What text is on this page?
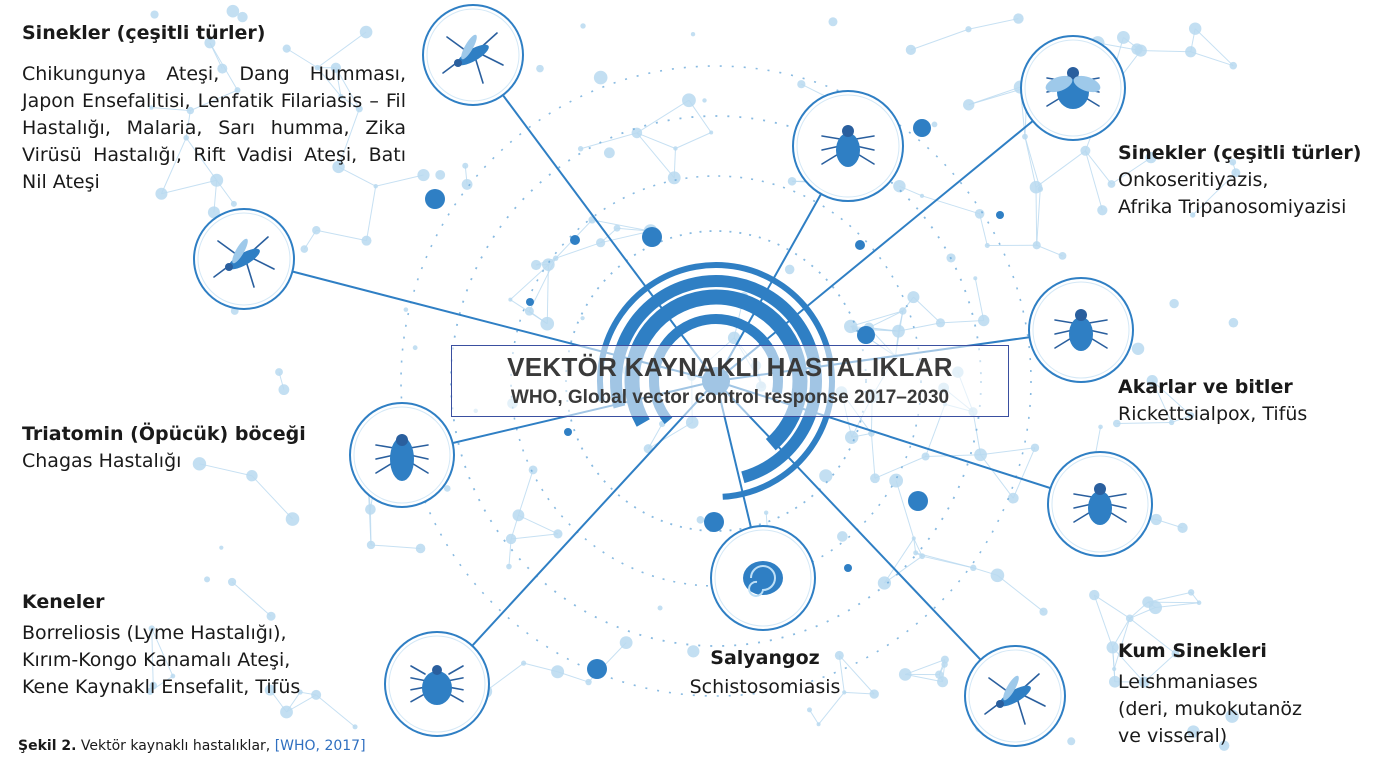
VEKTÖR KAYNAKLI HASTALIKLAR
WHO, Global vector control response 2017–2030
Sinekler (çeşitli türler)
Chikungunya Ateşi, Dang Humması, Japon Ensefalitisi, Lenfatik Filariasis – Fil Hastalığı, Malaria, Sarı humma, Zika Virüsü Hastalığı, Rift Vadisi Ateşi, Batı Nil Ateşi
Sinekler (çeşitli türler)
Onkoseritiyazis,
Afrika Tripanosomiyazisi
Akarlar ve bitler
Rickettsialpox, Tifüs
Triatomin (Öpücük) böceği
Chagas Hastalığı
Keneler
Borreliosis (Lyme Hastalığı),
Kırım-Kongo Kanamalı Ateşi,
Kene Kaynaklı Ensefalit, Tifüs
Salyangoz
Schistosomiasis
Kum Sinekleri
Leishmaniases
(deri, mukokutanöz
ve visseral)
Şekil 2. Vektör kaynaklı hastalıklar, [WHO, 2017]
